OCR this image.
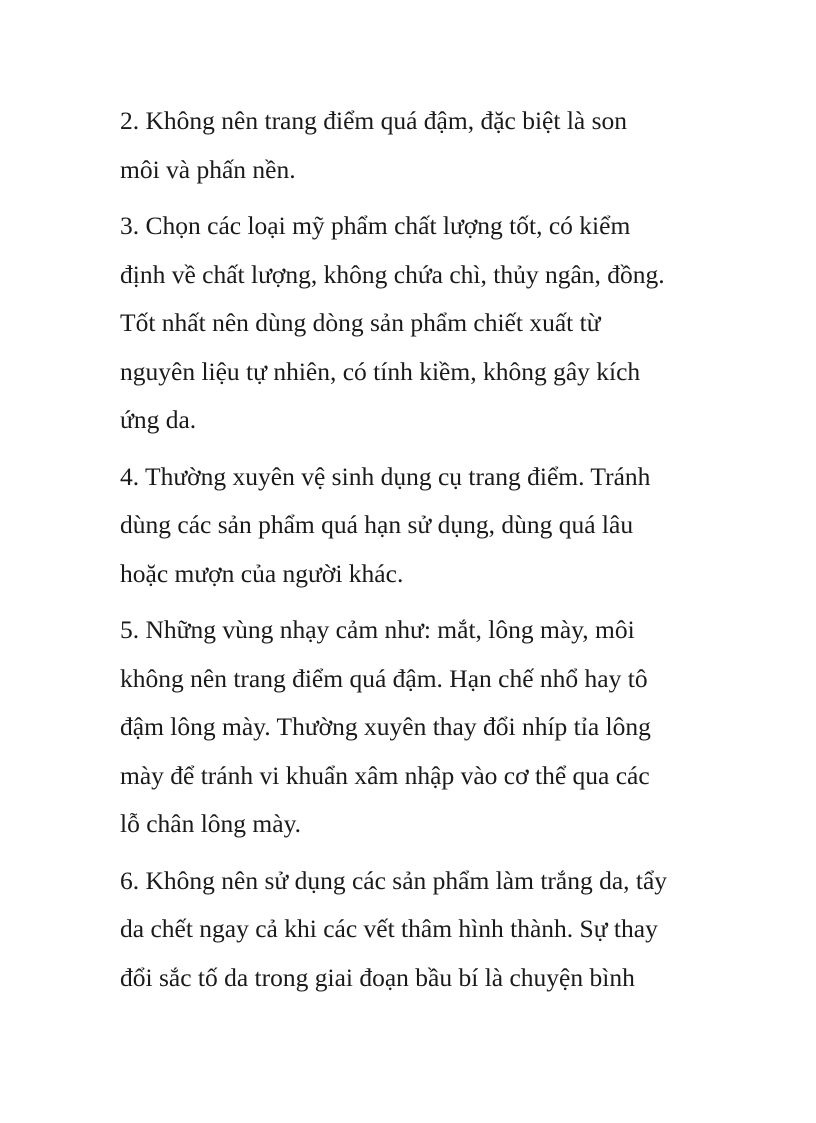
2. Không nên trang điểm quá đậm, đặc biệt là son
môi và phấn nền.

3. Chọn các loại mỹ phẩm chất lượng tốt, có kiểm
định về chất lượng, không chứa chì, thủy ngân, đồng.
Tốt nhất nên dùng dòng sản phẩm chiết xuất từ
nguyên liệu tự nhiên, có tính kiềm, không gây kích
ứng da.

4. Thường xuyên vệ sinh dụng cụ trang điểm. Tránh
dùng các sản phẩm quá hạn sử dụng, dùng quá lâu
hoặc mượn của người khác.

5. Những vùng nhạy cảm như: mắt, lông mày, môi
không nên trang điểm quá đậm. Hạn chế nhổ hay tô
đậm lông mày. Thường xuyên thay đổi nhíp tỉa lông
mày để tránh vi khuẩn xâm nhập vào cơ thể qua các
lỗ chân lông mày.

6. Không nên sử dụng các sản phẩm làm trắng da, tẩy
da chết ngay cả khi các vết thâm hình thành. Sự thay
đổi sắc tố da trong giai đoạn bầu bí là chuyện bình
